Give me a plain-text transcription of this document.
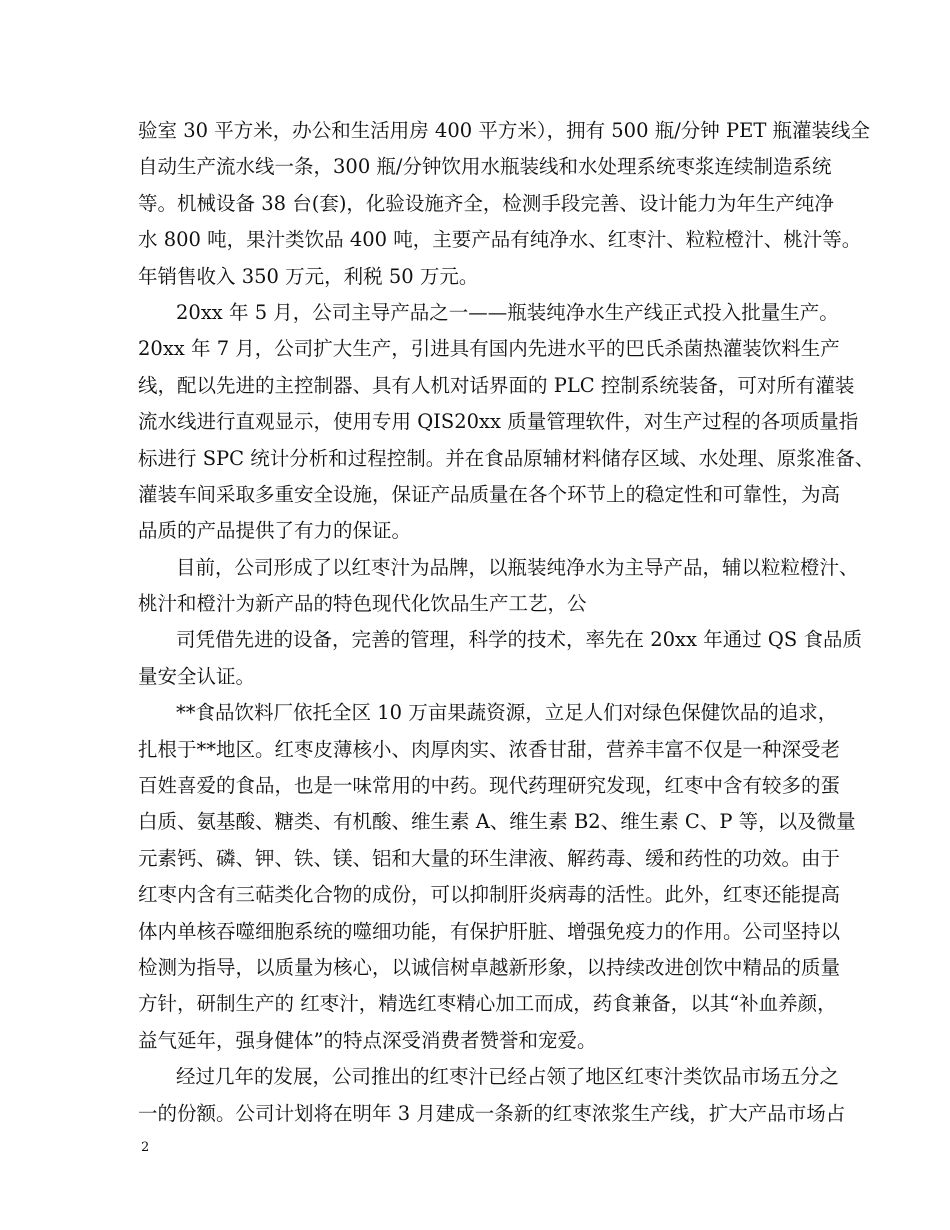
验室 30 平方米，办公和生活用房 400 平方米），拥有 500 瓶/分钟 PET 瓶灌装线全
自动生产流水线一条，300 瓶/分钟饮用水瓶装线和水处理系统枣浆连续制造系统
等。机械设备 38 台(套)，化验设施齐全，检测手段完善、设计能力为年生产纯净
水 800 吨，果汁类饮品 400 吨，主要产品有纯净水、红枣汁、粒粒橙汁、桃汁等。
年销售收入 350 万元，利税 50 万元。
20xx 年 5 月，公司主导产品之一——瓶装纯净水生产线正式投入批量生产。
20xx 年 7 月，公司扩大生产，引进具有国内先进水平的巴氏杀菌热灌装饮料生产
线，配以先进的主控制器、具有人机对话界面的 PLC 控制系统装备，可对所有灌装
流水线进行直观显示，使用专用 QIS20xx 质量管理软件，对生产过程的各项质量指
标进行 SPC 统计分析和过程控制。并在食品原辅材料储存区域、水处理、原浆准备、
灌装车间采取多重安全设施，保证产品质量在各个环节上的稳定性和可靠性，为高
品质的产品提供了有力的保证。
目前，公司形成了以红枣汁为品牌，以瓶装纯净水为主导产品，辅以粒粒橙汁、
桃汁和橙汁为新产品的特色现代化饮品生产工艺，公
司凭借先进的设备，完善的管理，科学的技术，率先在 20xx 年通过 QS 食品质
量安全认证。
**食品饮料厂依托全区 10 万亩果蔬资源，立足人们对绿色保健饮品的追求，
扎根于**地区。红枣皮薄核小、肉厚肉实、浓香甘甜，营养丰富不仅是一种深受老
百姓喜爱的食品，也是一味常用的中药。现代药理研究发现，红枣中含有较多的蛋
白质、氨基酸、糖类、有机酸、维生素 A、维生素 B2、维生素 C、P 等，以及微量
元素钙、磷、钾、铁、镁、铝和大量的环生津液、解药毒、缓和药性的功效。由于
红枣内含有三萜类化合物的成份，可以抑制肝炎病毒的活性。此外，红枣还能提高
体内单核吞噬细胞系统的噬细功能，有保护肝脏、增强免疫力的作用。公司坚持以
检测为指导，以质量为核心，以诚信树卓越新形象，以持续改进创饮中精品的质量
方针，研制生产的 红枣汁，精选红枣精心加工而成，药食兼备，以其“补血养颜，
益气延年，强身健体”的特点深受消费者赞誉和宠爱。
经过几年的发展，公司推出的红枣汁已经占领了地区红枣汁类饮品市场五分之
一的份额。公司计划将在明年 3 月建成一条新的红枣浓浆生产线，扩大产品市场占
2
